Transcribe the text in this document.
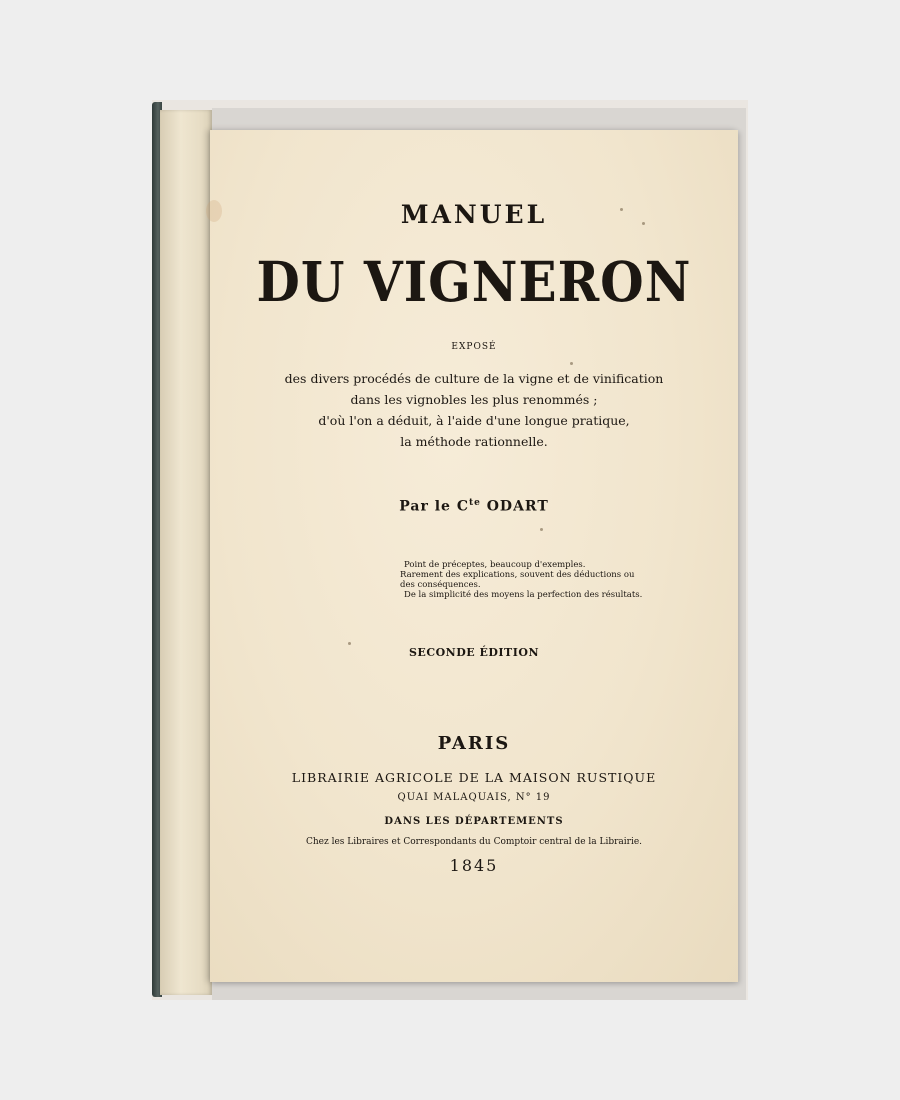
MANUEL
DU VIGNERON
EXPOSÉ
des divers procédés de culture de la vigne et de vinification
dans les vignobles les plus renommés ;
d'où l'on a déduit, à l'aide d'une longue pratique,
la méthode rationnelle.
Par le $C^{te}$ ODART
Point de préceptes, beaucoup d'exemples.
Rarement des explications, souvent des déductions ou
des conséquences.
De la simplicité des moyens la perfection des résultats.
SECONDE ÉDITION
PARIS
LIBRAIRIE AGRICOLE DE LA MAISON RUSTIQUE
QUAI MALAQUAIS, N° 19
DANS LES DÉPARTEMENTS
Chez les Libraires et Correspondants du Comptoir central de la Librairie.
1845
